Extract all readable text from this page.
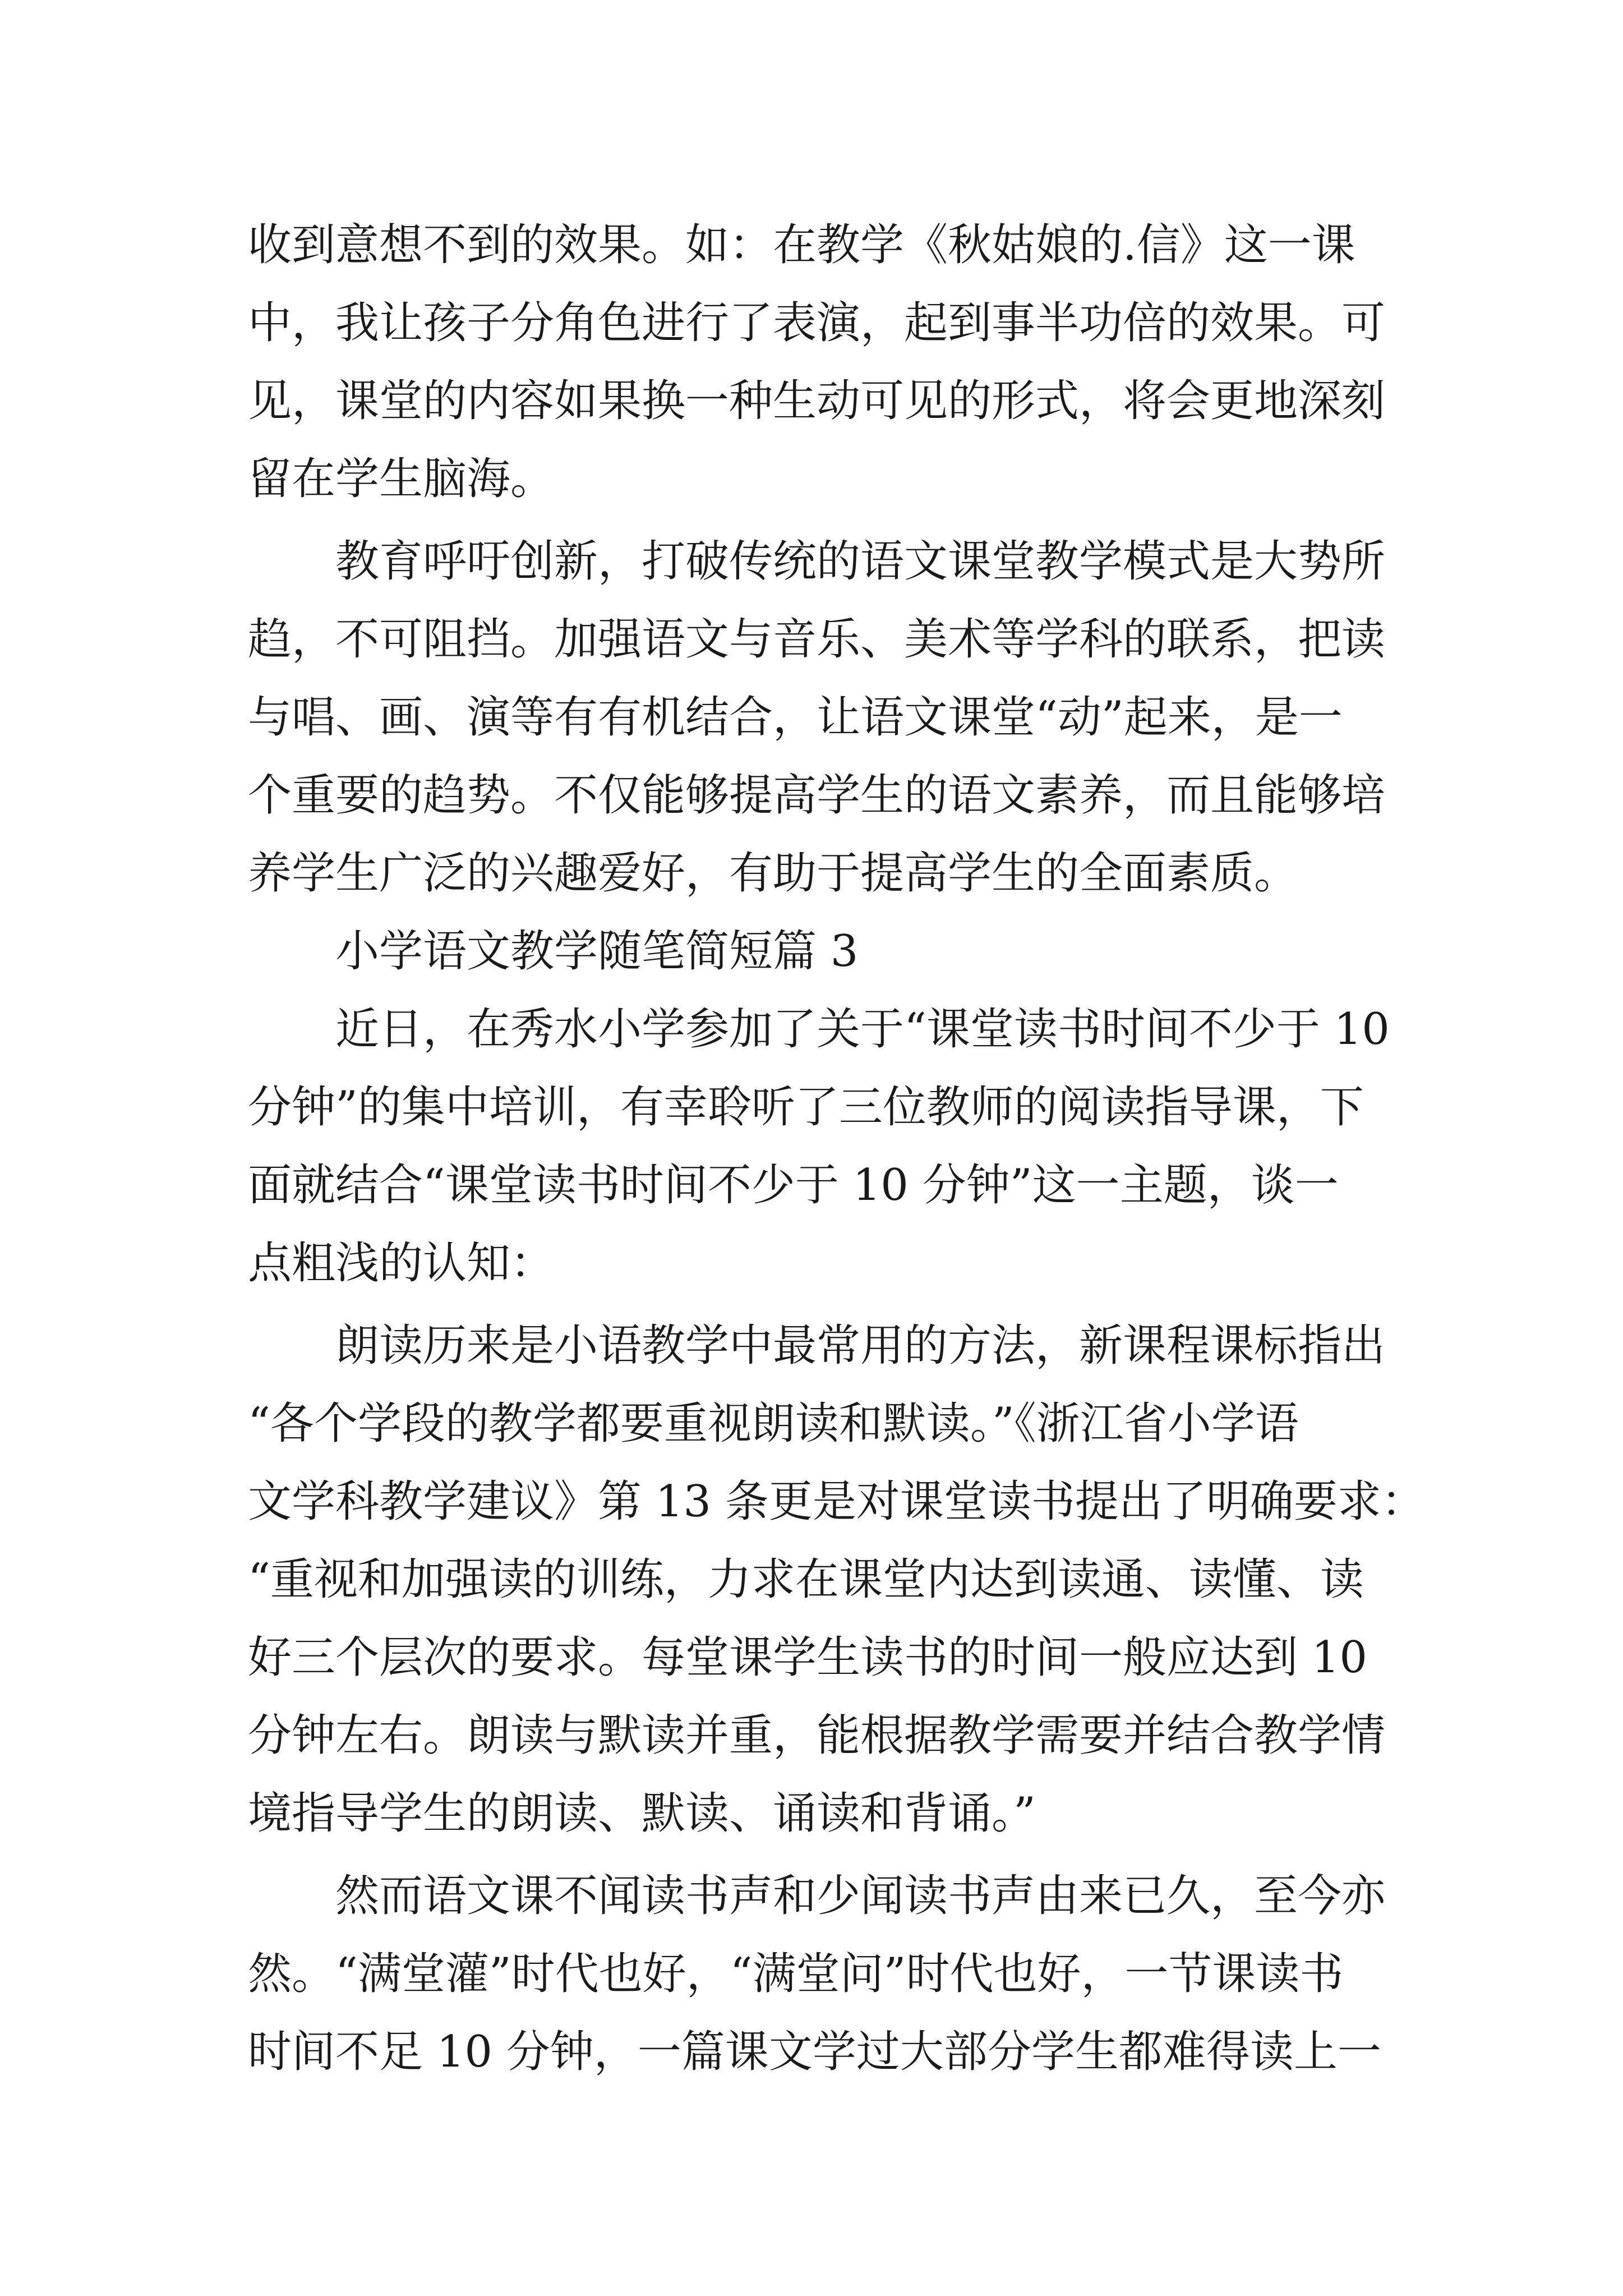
收到意想不到的效果。如：在教学《秋姑娘的.信》这一课
中，我让孩子分角色进行了表演，起到事半功倍的效果。可
见，课堂的内容如果换一种生动可见的形式，将会更地深刻
留在学生脑海。
教育呼吁创新，打破传统的语文课堂教学模式是大势所
趋，不可阻挡。加强语文与音乐、美术等学科的联系，把读
与唱、画、演等有有机结合，让语文课堂“动”起来，是一
个重要的趋势。不仅能够提高学生的语文素养，而且能够培
养学生广泛的兴趣爱好，有助于提高学生的全面素质。
小学语文教学随笔简短篇 3
近日，在秀水小学参加了关于“课堂读书时间不少于 10
分钟”的集中培训，有幸聆听了三位教师的阅读指导课，下
面就结合“课堂读书时间不少于 10 分钟”这一主题，谈一
点粗浅的认知：
朗读历来是小语教学中最常用的方法，新课程课标指出
“各个学段的教学都要重视朗读和默读。”《浙江省小学语
文学科教学建议》第 13 条更是对课堂读书提出了明确要求：
“重视和加强读的训练，力求在课堂内达到读通、读懂、读
好三个层次的要求。每堂课学生读书的时间一般应达到 10
分钟左右。朗读与默读并重，能根据教学需要并结合教学情
境指导学生的朗读、默读、诵读和背诵。”
然而语文课不闻读书声和少闻读书声由来已久，至今亦
然。“满堂灌”时代也好，“满堂问”时代也好，一节课读书
时间不足 10 分钟，一篇课文学过大部分学生都难得读上一
